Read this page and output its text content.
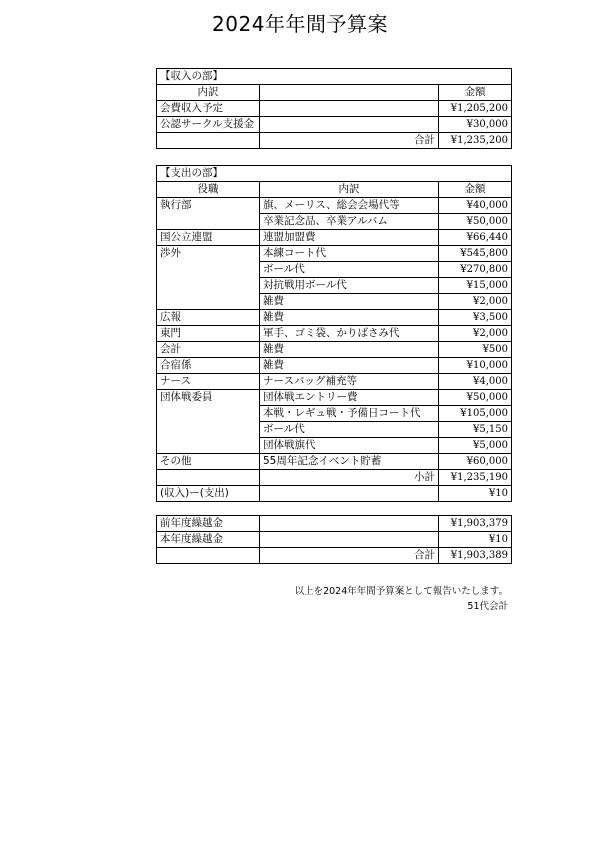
2024年年間予算案
【収入の部】		
内訳		金額
会費収入予定		¥1,205,200
公認サークル支援金		¥30,000
	合計	¥1,235,200
【支出の部】		
役職	内訳	金額
執行部	旗、メーリス、総会会場代等	¥40,000
	卒業記念品、卒業アルバム	¥50,000
国公立連盟	連盟加盟費	¥66,440
渉外	本練コート代	¥545,800
	ボール代	¥270,800
	対抗戦用ボール代	¥15,000
	雑費	¥2,000
広報	雑費	¥3,500
東門	軍手、ゴミ袋、かりばさみ代	¥2,000
会計	雑費	¥500
合宿係	雑費	¥10,000
ナース	ナースバッグ補充等	¥4,000
団体戦委員	団体戦エントリー費	¥50,000
	本戦・レギュ戦・予備日コート代	¥105,000
	ボール代	¥5,150
	団体戦旗代	¥5,000
その他	55周年記念イベント貯蓄	¥60,000
	小計	¥1,235,190
(収入)ー(支出)		¥10
前年度繰越金		¥1,903,379
本年度繰越金		¥10
	合計	¥1,903,389
以上を2024年年間予算案として報告いたします。
51代会計
